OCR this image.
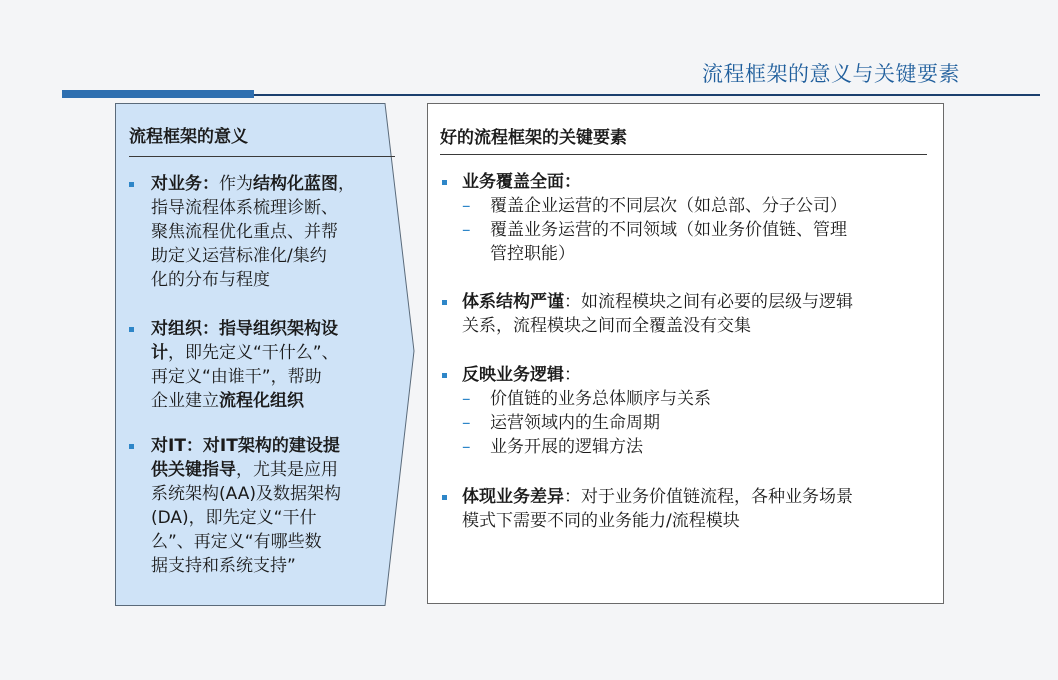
流程框架的意义与关键要素
流程框架的意义
对业务：作为结构化蓝图，
指导流程体系梳理诊断、
聚焦流程优化重点、并帮
助定义运营标准化/集约
化的分布与程度
对组织：指导组织架构设
计，即先定义“干什么”、
再定义“由谁干”，帮助
企业建立流程化组织
对IT：对IT架构的建设提
供关键指导，尤其是应用
系统架构(AA)及数据架构
(DA)，即先定义“干什
么”、再定义“有哪些数
据支持和系统支持”
好的流程框架的关键要素
业务覆盖全面：
– 覆盖企业运营的不同层次（如总部、分子公司）
– 覆盖业务运营的不同领域（如业务价值链、管理
管控职能）
体系结构严谨：如流程模块之间有必要的层级与逻辑
关系，流程模块之间而全覆盖没有交集
反映业务逻辑：
– 价值链的业务总体顺序与关系
– 运营领域内的生命周期
– 业务开展的逻辑方法
体现业务差异：对于业务价值链流程，各种业务场景
模式下需要不同的业务能力/流程模块
